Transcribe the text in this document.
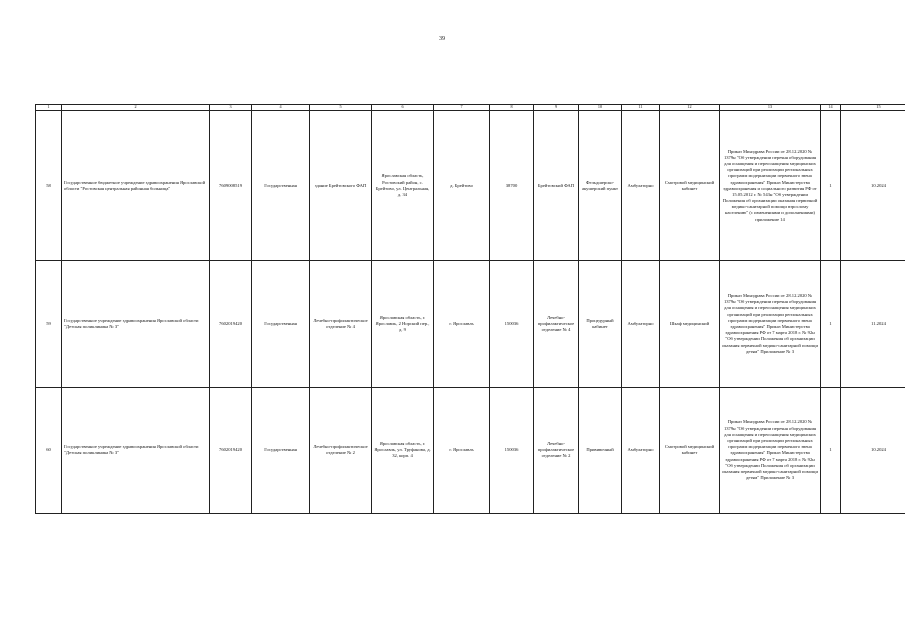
39
1	2	3	4	5	6	7	8	9	10	11	12	13	14	15
58	Государственное бюджетное учреждение здравоохранения Ярославской области "Ростовская центральная районная больница"	7609008519	Государственная	здание Брейтовского ФАП	Ярославская область, Ростовский район, с. Брейтово, ул. Центральная, д. 34	д. Брейтово	38700	Брейтовский ФАП	Фельдшерско-акушерский пункт	Амбулаторно	Смотровой медицинский кабинет	Приказ Минздрава России от 28.12.2020 № 1379н "Об утверждении перечня оборудования для оснащения и переоснащения медицинских организаций при реализации региональных программ модернизации первичного звена здравоохранения" Приказ Министерства здравоохранения и социального развития РФ от 15.05.2012 г. № 543н "Об утверждении Положения об организации оказания первичной медико-санитарной помощи взрослому населению" (с изменениями и дополнениями) приложение 14	1	10.2024
59	Государственное учреждение здравоохранения Ярославской области "Детская поликлиника № 3"	7602019420	Государственная	Лечебно-профилактическое отделение № 4	Ярославская область, г. Ярославль, 2 Норский пер., д. 9	г. Ярославль	150036	Лечебно-профилактическое отделение № 4	Процедурный кабинет	Амбулаторно	Шкаф медицинский	Приказ Минздрава России от 28.12.2020 № 1379н "Об утверждении перечня оборудования для оснащения и переоснащения медицинских организаций при реализации региональных программ модернизации первичного звена здравоохранения" Приказ Министерства здравоохранения РФ от 7 марта 2018 г. № 92н "Об утверждении Положения об организации оказания первичной медико-санитарной помощи детям" Приложение № 3	1	11.2024
60	Государственное учреждение здравоохранения Ярославской области "Детская поликлиника № 3"	7602019420	Государственная	Лечебно-профилактическое отделение № 2	Ярославская область, г. Ярославль, ул. Труфанова, д. 32, корп. 4	г. Ярославль	150036	Лечебно-профилактическое отделение № 2	Прививочный	Амбулаторно	Смотровой медицинский кабинет	Приказ Минздрава России от 28.12.2020 № 1379н "Об утверждении перечня оборудования для оснащения и переоснащения медицинских организаций при реализации региональных программ модернизации первичного звена здравоохранения" Приказ Министерства здравоохранения РФ от 7 марта 2018 г. № 92н "Об утверждении Положения об организации оказания первичной медико-санитарной помощи детям" Приложение № 3	1	10.2024
